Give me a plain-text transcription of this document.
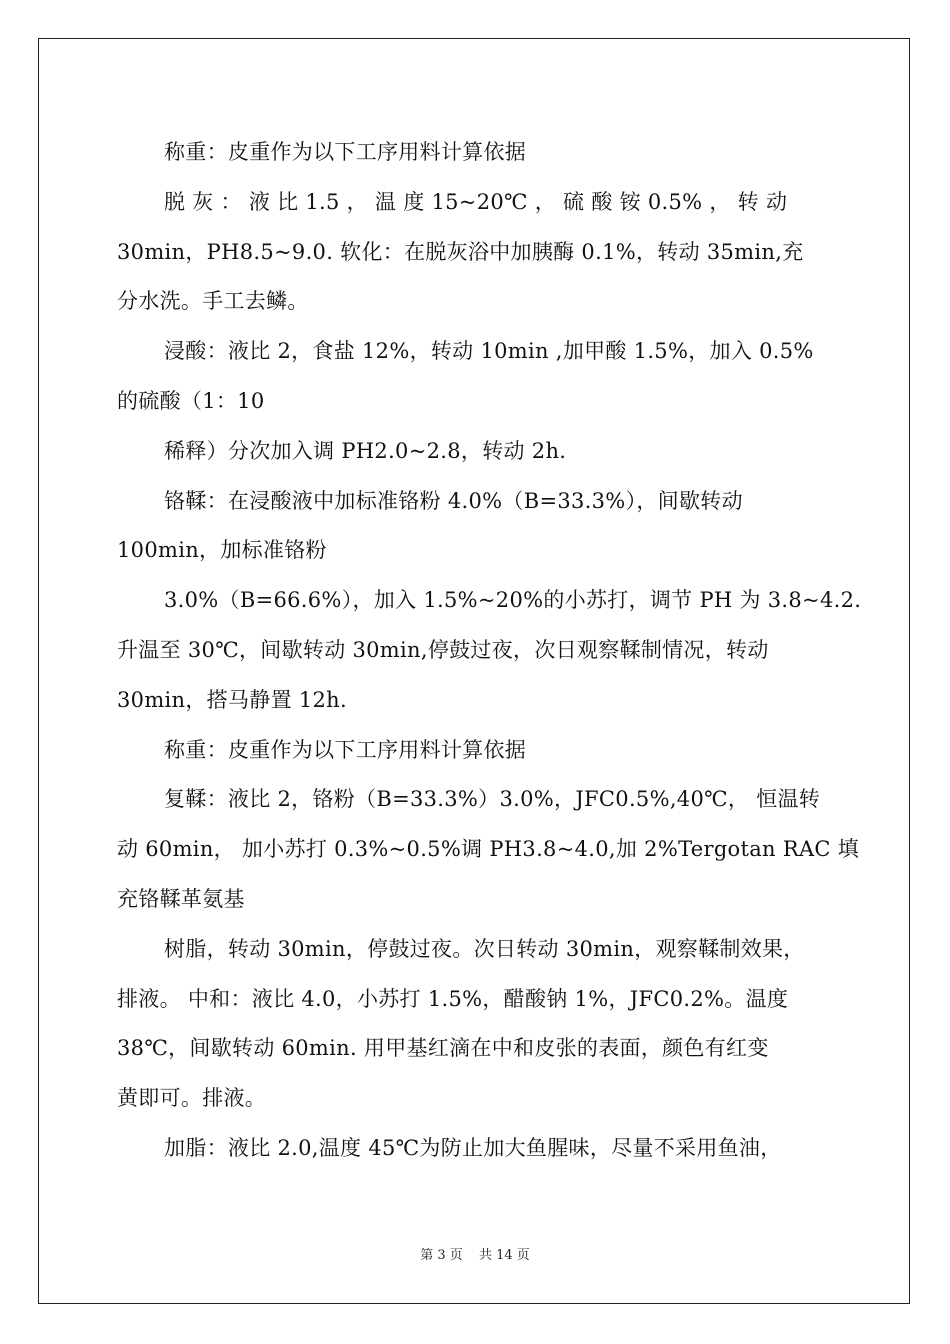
称重：皮重作为以下工序用料计算依据
脱 灰 ： 液 比 1.5 ， 温 度 15~20℃ ， 硫 酸 铵 0.5% ， 转 动
30min，PH8.5~9.0. 软化：在脱灰浴中加胰酶 0.1%，转动 35min,充
分水洗。手工去鳞。
浸酸：液比 2，食盐 12%，转动 10min ,加甲酸 1.5%，加入 0.5%
的硫酸（1：10
稀释）分次加入调 PH2.0~2.8，转动 2h.
铬鞣：在浸酸液中加标准铬粉 4.0%（B=33.3%），间歇转动
100min，加标准铬粉
3.0%（B=66.6%），加入 1.5%~20%的小苏打，调节 PH 为 3.8~4.2.
升温至 30℃，间歇转动 30min,停鼓过夜，次日观察鞣制情况，转动
30min，搭马静置 12h.
称重：皮重作为以下工序用料计算依据
复鞣：液比 2，铬粉（B=33.3%）3.0%，JFC0.5%,40℃， 恒温转
动 60min， 加小苏打 0.3%~0.5%调 PH3.8~4.0,加 2%Tergotan RAC 填
充铬鞣革氨基
树脂，转动 30min，停鼓过夜。次日转动 30min，观察鞣制效果，
排液。 中和：液比 4.0，小苏打 1.5%，醋酸钠 1%，JFC0.2%。温度
38℃，间歇转动 60min. 用甲基红滴在中和皮张的表面，颜色有红变
黄即可。排液。
加脂：液比 2.0,温度 45℃为防止加大鱼腥味，尽量不采用鱼油，
第 3 页 共 14 页
